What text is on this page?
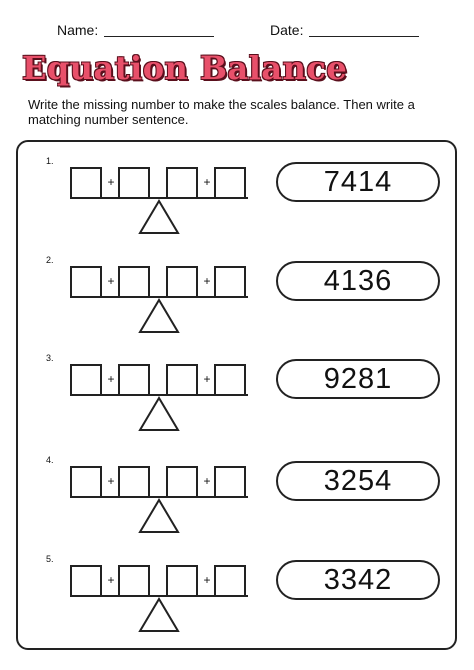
Name:	Date:
Equation Balance

Write the missing number to make the scales balance. Then write a matching number sentence.

1.
+	+	7414
2.
+	+	4136
3.
+	+	9281
4.
+	+	3254
5.
+	+	3342
